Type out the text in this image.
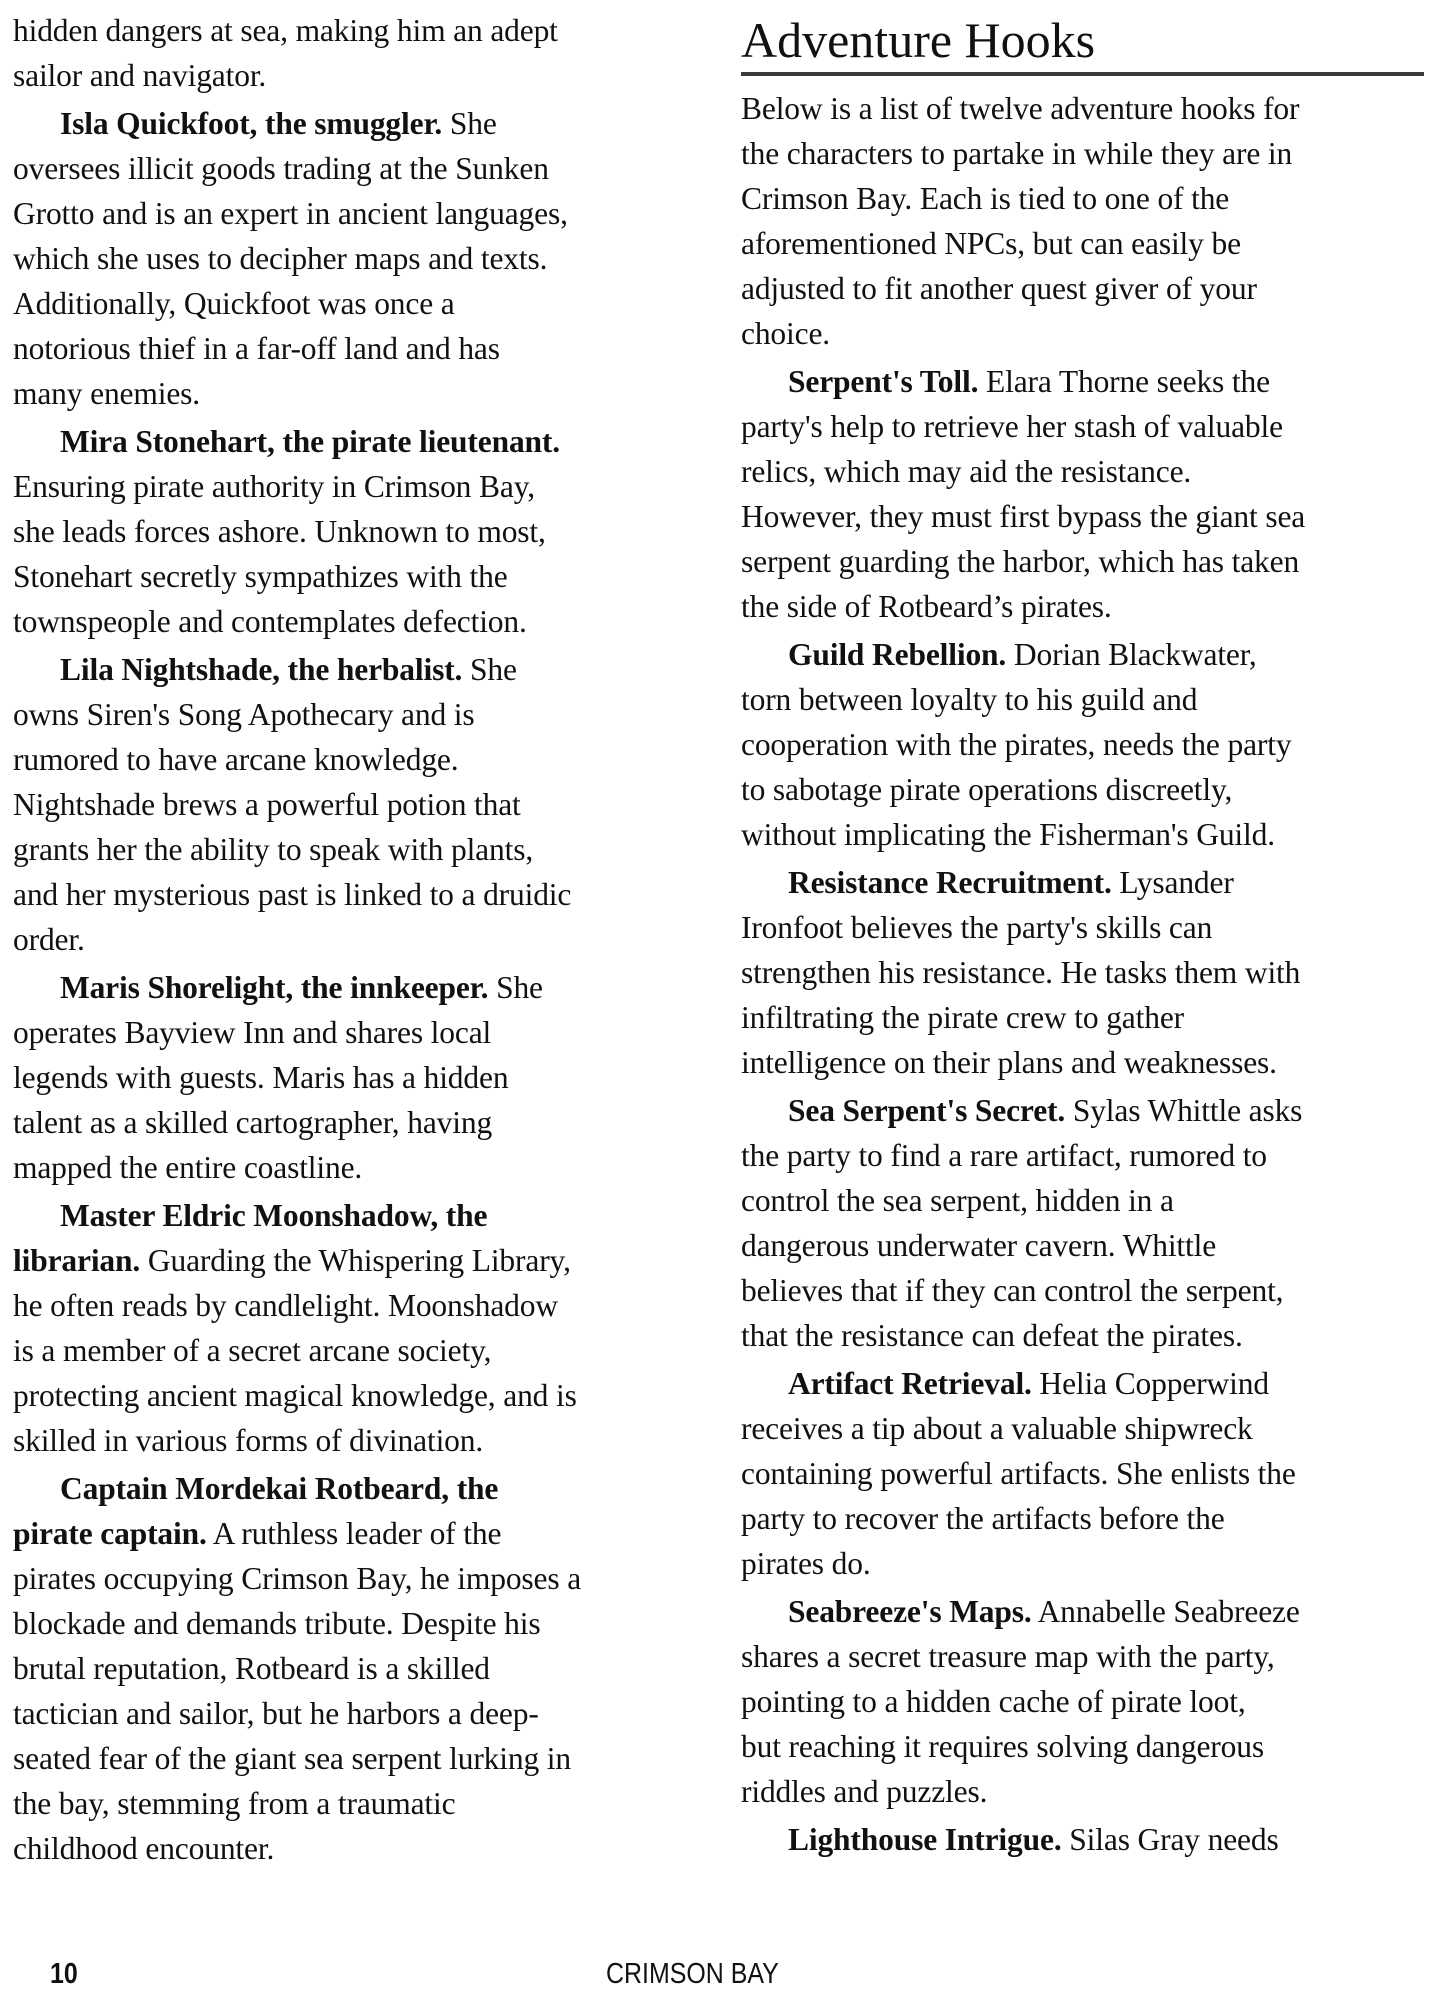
hidden dangers at sea, making him an adept
sailor and navigator.
Isla Quickfoot, the smuggler. She
oversees illicit goods trading at the Sunken
Grotto and is an expert in ancient languages,
which she uses to decipher maps and texts.
Additionally, Quickfoot was once a
notorious thief in a far-off land and has
many enemies.
Mira Stonehart, the pirate lieutenant.
Ensuring pirate authority in Crimson Bay,
she leads forces ashore. Unknown to most,
Stonehart secretly sympathizes with the
townspeople and contemplates defection.
Lila Nightshade, the herbalist. She
owns Siren's Song Apothecary and is
rumored to have arcane knowledge.
Nightshade brews a powerful potion that
grants her the ability to speak with plants,
and her mysterious past is linked to a druidic
order.
Maris Shorelight, the innkeeper. She
operates Bayview Inn and shares local
legends with guests. Maris has a hidden
talent as a skilled cartographer, having
mapped the entire coastline.
Master Eldric Moonshadow, the
librarian. Guarding the Whispering Library,
he often reads by candlelight. Moonshadow
is a member of a secret arcane society,
protecting ancient magical knowledge, and is
skilled in various forms of divination.
Captain Mordekai Rotbeard, the
pirate captain. A ruthless leader of the
pirates occupying Crimson Bay, he imposes a
blockade and demands tribute. Despite his
brutal reputation, Rotbeard is a skilled
tactician and sailor, but he harbors a deep-
seated fear of the giant sea serpent lurking in
the bay, stemming from a traumatic
childhood encounter.
Adventure Hooks
Below is a list of twelve adventure hooks for
the characters to partake in while they are in
Crimson Bay. Each is tied to one of the
aforementioned NPCs, but can easily be
adjusted to fit another quest giver of your
choice.
Serpent's Toll. Elara Thorne seeks the
party's help to retrieve her stash of valuable
relics, which may aid the resistance.
However, they must first bypass the giant sea
serpent guarding the harbor, which has taken
the side of Rotbeard’s pirates.
Guild Rebellion. Dorian Blackwater,
torn between loyalty to his guild and
cooperation with the pirates, needs the party
to sabotage pirate operations discreetly,
without implicating the Fisherman's Guild.
Resistance Recruitment. Lysander
Ironfoot believes the party's skills can
strengthen his resistance. He tasks them with
infiltrating the pirate crew to gather
intelligence on their plans and weaknesses.
Sea Serpent's Secret. Sylas Whittle asks
the party to find a rare artifact, rumored to
control the sea serpent, hidden in a
dangerous underwater cavern. Whittle
believes that if they can control the serpent,
that the resistance can defeat the pirates.
Artifact Retrieval. Helia Copperwind
receives a tip about a valuable shipwreck
containing powerful artifacts. She enlists the
party to recover the artifacts before the
pirates do.
Seabreeze's Maps. Annabelle Seabreeze
shares a secret treasure map with the party,
pointing to a hidden cache of pirate loot,
but reaching it requires solving dangerous
riddles and puzzles.
Lighthouse Intrigue. Silas Gray needs
10	CRIMSON BAY
